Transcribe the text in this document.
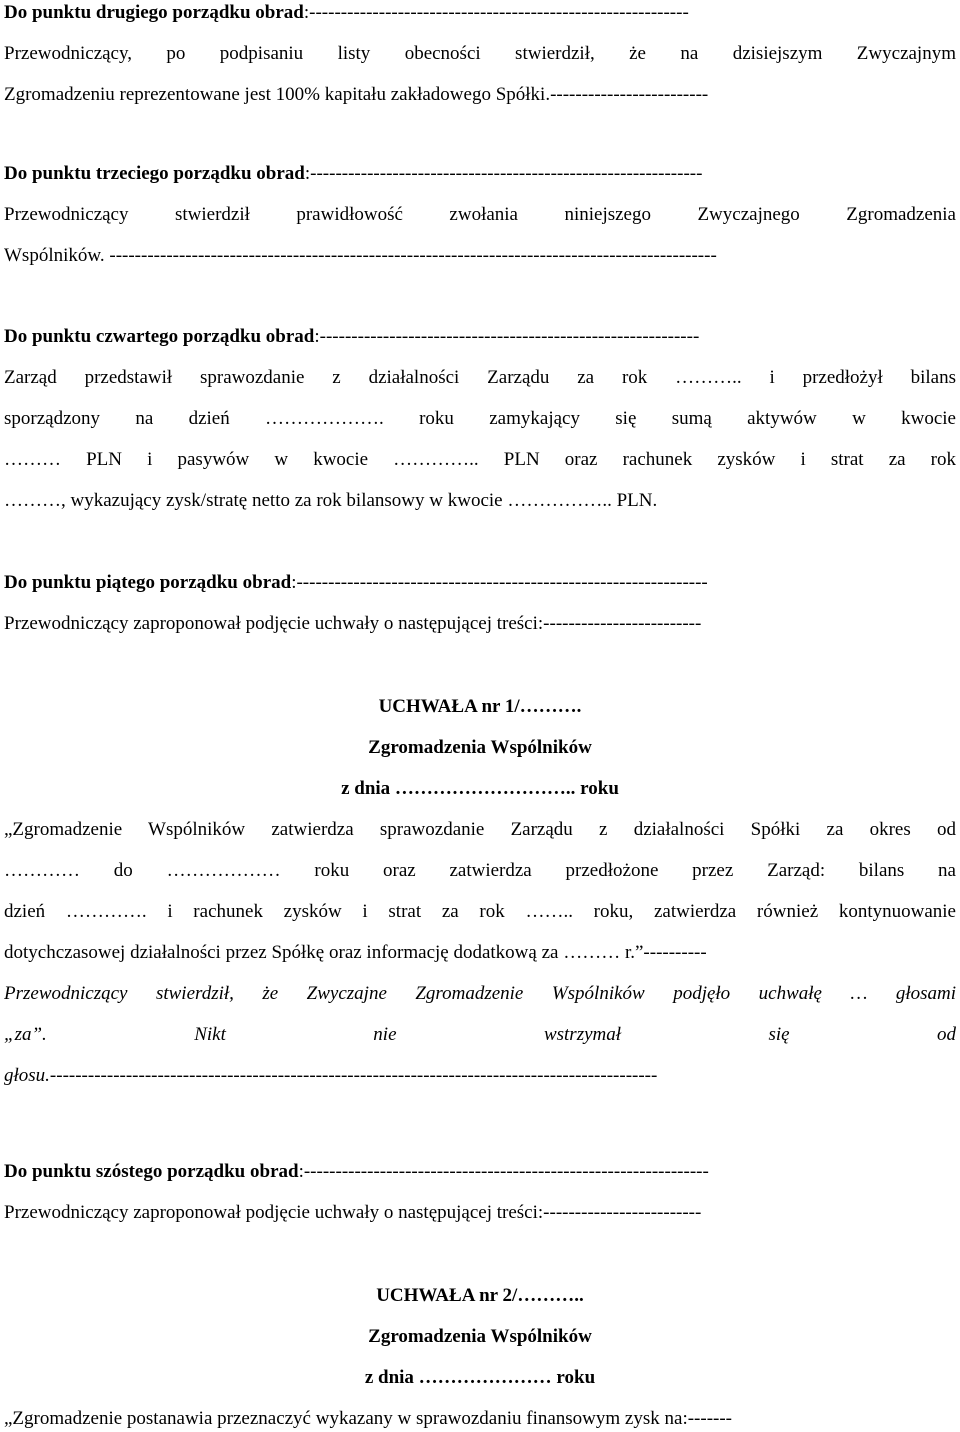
Do punktu drugiego porządku obrad:------------------------------------------------------------
Przewodniczący, po podpisaniu listy obecności stwierdził, że na dzisiejszym Zwyczajnym
Zgromadzeniu reprezentowane jest 100% kapitału zakładowego Spółki.-------------------------
Do punktu trzeciego porządku obrad:--------------------------------------------------------------
Przewodniczący stwierdził prawidłowość zwołania niniejszego Zwyczajnego Zgromadzenia
Wspólników. ------------------------------------------------------------------------------------------------
Do punktu czwartego porządku obrad:------------------------------------------------------------
Zarząd przedstawił sprawozdanie z działalności Zarządu za rok ……….. i przedłożył bilans
sporządzony na dzień ………………. roku zamykający się sumą aktywów w kwocie
……… PLN i pasywów w kwocie ………….. PLN oraz rachunek zysków i strat za rok
………, wykazujący zysk/stratę netto za rok bilansowy w kwocie …………….. PLN.
Do punktu piątego porządku obrad:-----------------------------------------------------------------
Przewodniczący zaproponował podjęcie uchwały o następującej treści:-------------------------
UCHWAŁA nr 1/……….
Zgromadzenia Wspólników
z dnia ……………………….. roku
„Zgromadzenie Wspólników zatwierdza sprawozdanie Zarządu z działalności Spółki za okres od
………… do ……………… roku oraz zatwierdza przedłożone przez Zarząd: bilans na
dzień …………. i rachunek zysków i strat za rok …….. roku, zatwierdza również kontynuowanie
dotychczasowej działalności przez Spółkę oraz informację dodatkową za ……… r.”----------
Przewodniczący stwierdził, że Zwyczajne Zgromadzenie Wspólników podjęło uchwałę … głosami
„za”. Nikt nie wstrzymał się od
głosu.------------------------------------------------------------------------------------------------
Do punktu szóstego porządku obrad:----------------------------------------------------------------
Przewodniczący zaproponował podjęcie uchwały o następującej treści:-------------------------
UCHWAŁA nr 2/………..
Zgromadzenia Wspólników
z dnia ………………… roku
„Zgromadzenie postanawia przeznaczyć wykazany w sprawozdaniu finansowym zysk na:-------
